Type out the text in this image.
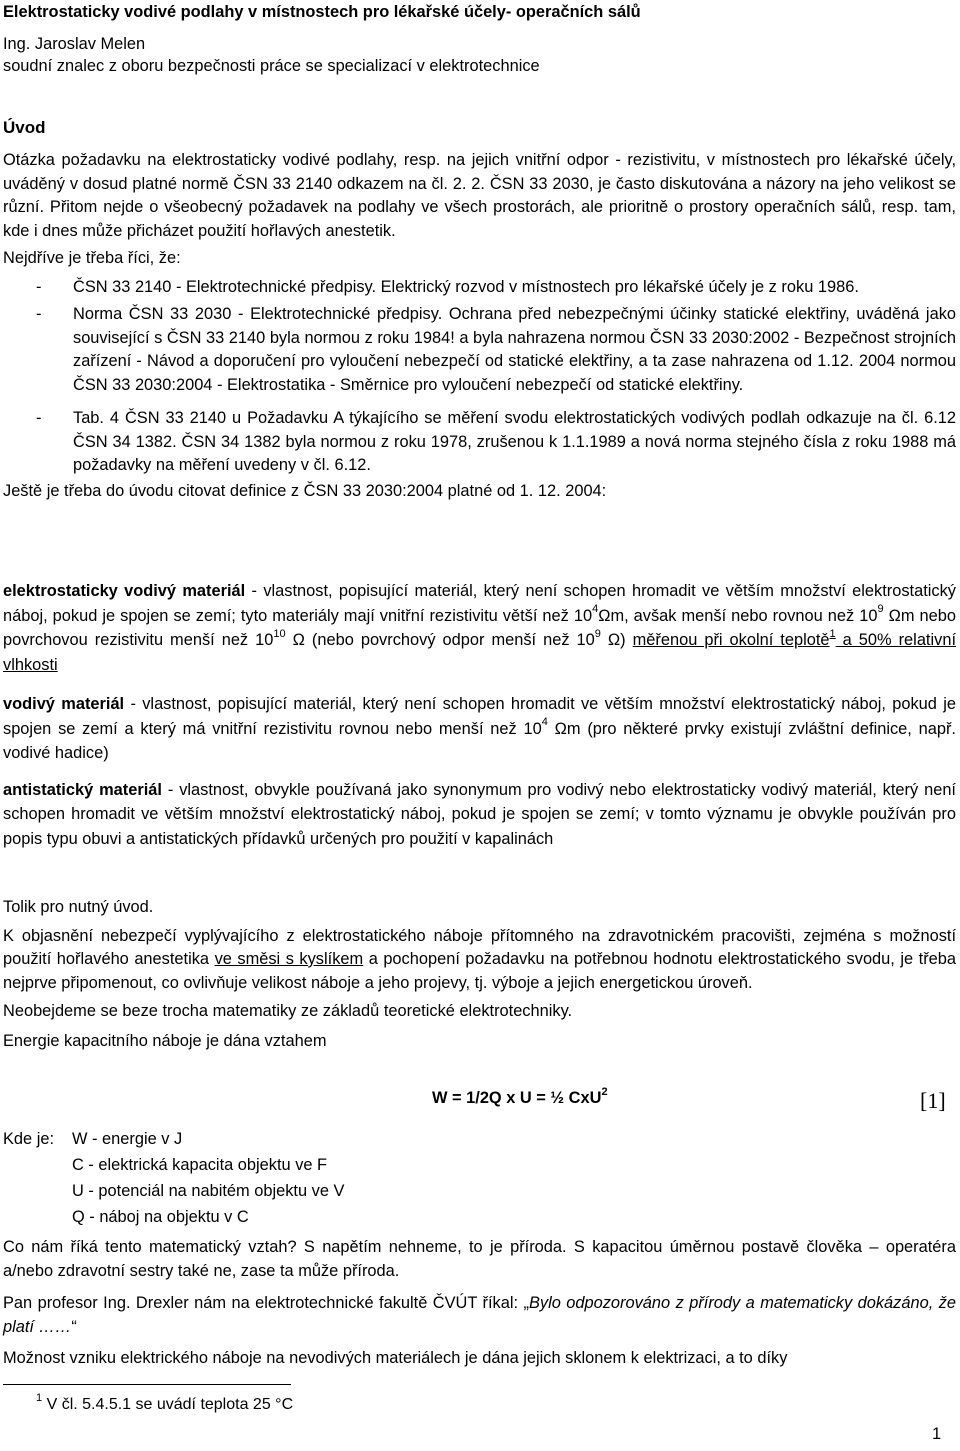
Elektrostaticky vodivé podlahy v místnostech pro lékařské účely- operačních sálů
Ing. Jaroslav Melen
soudní znalec z oboru bezpečnosti práce se specializací v elektrotechnice
Úvod

Otázka požadavku na elektrostaticky vodivé podlahy, resp. na jejich vnitřní odpor - rezistivitu, v místnostech pro lékařské účely, uváděný v dosud platné normě ČSN 33 2140 odkazem na čl. 2. 2. ČSN 33 2030, je často diskutována a názory na jeho velikost se různí. Přitom nejde o všeobecný požadavek na podlahy ve všech prostorách, ale prioritně o prostory operačních sálů, resp. tam, kde i dnes může přicházet použití hořlavých anestetik.

Nejdříve je třeba říci, že:

-	ČSN 33 2140 - Elektrotechnické předpisy. Elektrický rozvod v místnostech pro lékařské účely je z roku 1986.

-	Norma ČSN 33 2030 - Elektrotechnické předpisy. Ochrana před nebezpečnými účinky statické elektřiny, uváděná jako související s ČSN 33 2140 byla normou z roku 1984! a byla nahrazena normou ČSN 33 2030:2002 - Bezpečnost strojních zařízení - Návod a doporučení pro vyloučení nebezpečí od statické elektřiny, a ta zase nahrazena od 1.12. 2004 normou ČSN 33 2030:2004 - Elektrostatika - Směrnice pro vyloučení nebezpečí od statické elektřiny.

-	Tab. 4 ČSN 33 2140 u Požadavku A týkajícího se měření svodu elektrostatických vodivých podlah odkazuje na čl. 6.12 ČSN 34 1382. ČSN 34 1382 byla normou z roku 1978, zrušenou k 1.1.1989 a nová norma stejného čísla z roku 1988 má požadavky na měření uvedeny v čl. 6.12.

Ještě je třeba do úvodu citovat definice z ČSN 33 2030:2004 platné od 1. 12. 2004:

elektrostaticky vodivý materiál - vlastnost, popisující materiál, který není schopen hromadit ve větším množství elektrostatický náboj, pokud je spojen se zemí; tyto materiály mají vnitřní rezistivitu větší než $10^4\Omega m$, avšak menší nebo rovnou než $10^9$ Ωm nebo povrchovou rezistivitu menší než $10^{10}$ Ω (nebo povrchový odpor menší než $10^9$ Ω) měřenou při okolní teplotě$^1$ a 50% relativní vlhkosti

vodivý materiál - vlastnost, popisující materiál, který není schopen hromadit ve větším množství elektrostatický náboj, pokud je spojen se zemí a který má vnitřní rezistivitu rovnou nebo menší než $10^4$ Ωm (pro některé prvky existují zvláštní definice, např. vodivé hadice)

antistatický materiál - vlastnost, obvykle používaná jako synonymum pro vodivý nebo elektrostaticky vodivý materiál, který není schopen hromadit ve větším množství elektrostatický náboj, pokud je spojen se zemí; v tomto významu je obvykle používán pro popis typu obuvi a antistatických přídavků určených pro použití v kapalinách

Tolik pro nutný úvod.

K objasnění nebezpečí vyplývajícího z elektrostatického náboje přítomného na zdravotnickém pracovišti, zejména s možností použití hořlavého anestetika ve směsi s kyslíkem a pochopení požadavku na potřebnou hodnotu elektrostatického svodu, je třeba nejprve připomenout, co ovlivňuje velikost náboje a jeho projevy, tj. výboje a jejich energetickou úroveň.

Neobejdeme se beze trocha matematiky ze základů teoretické elektrotechniky.

Energie kapacitního náboje je dána vztahem

W = 1/2Q x U = ½ CxU$^2$	[1]
Kde je:	W - energie v J
C - elektrická kapacita objektu ve F
U - potenciál na nabitém objektu ve V
Q - náboj na objektu v C

Co nám říká tento matematický vztah? S napětím nehneme, to je příroda. S kapacitou úměrnou postavě člověka – operatéra a/nebo zdravotní sestry také ne, zase ta může příroda.

Pan profesor Ing. Drexler nám na elektrotechnické fakultě ČVÚT říkal: „Bylo odpozorováno z přírody a matematicky dokázáno, že platí ……“

Možnost vzniku elektrického náboje na nevodivých materiálech je dána jejich sklonem k elektrizaci, a to díky

$^1$ V čl. 5.4.5.1 se uvádí teplota 25 °C
1
